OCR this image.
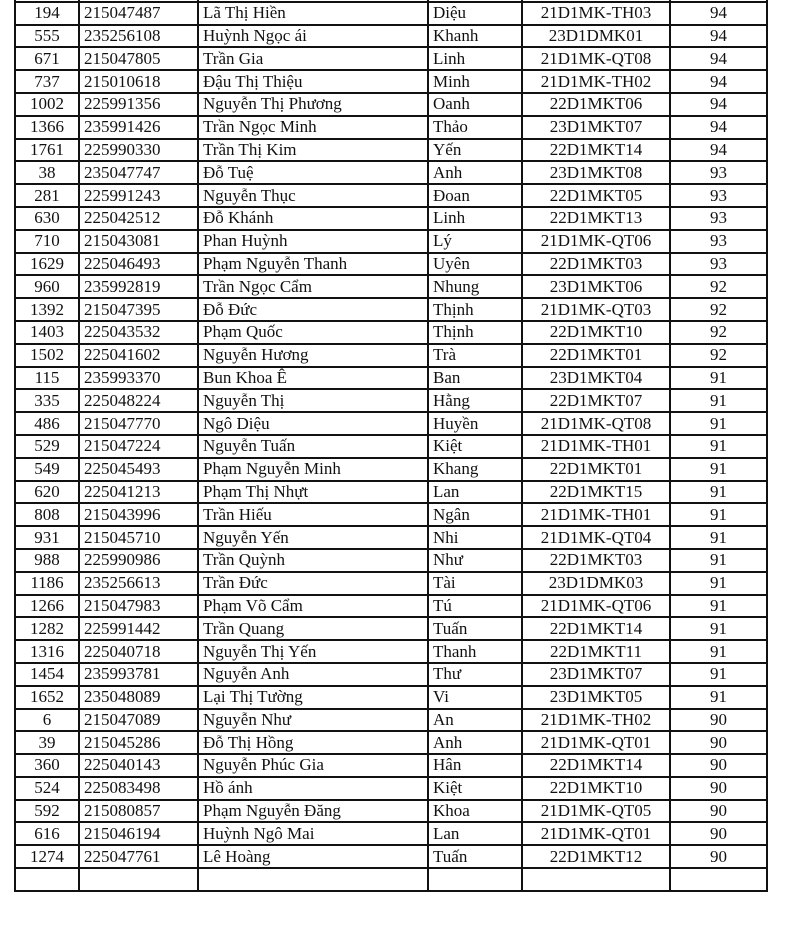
194	215047487	Lã Thị Hiền	Diệu	21D1MK-TH03	94
555	235256108	Huỳnh Ngọc ái	Khanh	23D1DMK01	94
671	215047805	Trần Gia	Linh	21D1MK-QT08	94
737	215010618	Đậu Thị Thiệu	Minh	21D1MK-TH02	94
1002	225991356	Nguyễn Thị Phương	Oanh	22D1MKT06	94
1366	235991426	Trần Ngọc Minh	Thảo	23D1MKT07	94
1761	225990330	Trần Thị Kim	Yến	22D1MKT14	94
38	235047747	Đỗ Tuệ	Anh	23D1MKT08	93
281	225991243	Nguyễn Thục	Đoan	22D1MKT05	93
630	225042512	Đỗ Khánh	Linh	22D1MKT13	93
710	215043081	Phan Huỳnh	Lý	21D1MK-QT06	93
1629	225046493	Phạm Nguyễn Thanh	Uyên	22D1MKT03	93
960	235992819	Trần Ngọc Cẩm	Nhung	23D1MKT06	92
1392	215047395	Đỗ Đức	Thịnh	21D1MK-QT03	92
1403	225043532	Phạm Quốc	Thịnh	22D1MKT10	92
1502	225041602	Nguyễn Hương	Trà	22D1MKT01	92
115	235993370	Bun Khoa Ê	Ban	23D1MKT04	91
335	225048224	Nguyễn Thị	Hằng	22D1MKT07	91
486	215047770	Ngô Diệu	Huyền	21D1MK-QT08	91
529	215047224	Nguyễn Tuấn	Kiệt	21D1MK-TH01	91
549	225045493	Phạm Nguyễn Minh	Khang	22D1MKT01	91
620	225041213	Phạm Thị Nhựt	Lan	22D1MKT15	91
808	215043996	Trần Hiếu	Ngân	21D1MK-TH01	91
931	215045710	Nguyễn Yến	Nhi	21D1MK-QT04	91
988	225990986	Trần Quỳnh	Như	22D1MKT03	91
1186	235256613	Trần Đức	Tài	23D1DMK03	91
1266	215047983	Phạm Võ Cẩm	Tú	21D1MK-QT06	91
1282	225991442	Trần Quang	Tuấn	22D1MKT14	91
1316	225040718	Nguyễn Thị Yến	Thanh	22D1MKT11	91
1454	235993781	Nguyễn Anh	Thư	23D1MKT07	91
1652	235048089	Lại Thị Tường	Vi	23D1MKT05	91
6	215047089	Nguyễn Như	An	21D1MK-TH02	90
39	215045286	Đỗ Thị Hồng	Anh	21D1MK-QT01	90
360	225040143	Nguyễn Phúc Gia	Hân	22D1MKT14	90
524	225083498	Hồ ánh	Kiệt	22D1MKT10	90
592	215080857	Phạm Nguyễn Đăng	Khoa	21D1MK-QT05	90
616	215046194	Huỳnh Ngô Mai	Lan	21D1MK-QT01	90
1274	225047761	Lê Hoàng	Tuấn	22D1MKT12	90
